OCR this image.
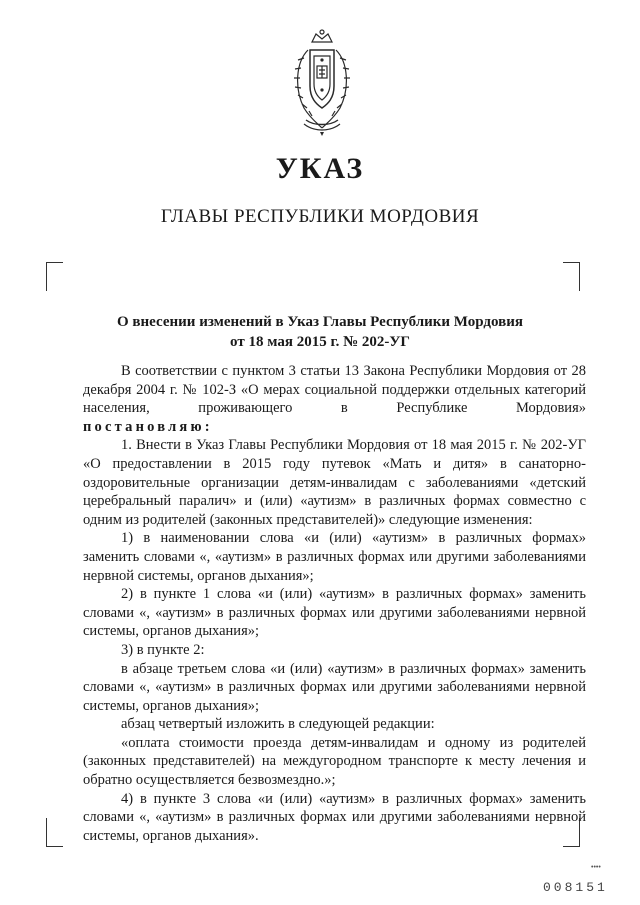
УКАЗ
ГЛАВЫ РЕСПУБЛИКИ МОРДОВИЯ
О внесении изменений в Указ Главы Республики Мордовия
от 18 мая 2015 г. № 202-УГ

В соответствии с пунктом 3 статьи 13 Закона Республики Мордовия от 28 декабря 2004 г. № 102-З «О мерах социальной поддержки отдельных категорий населения, проживающего в Республике Мордовия»

постановляю:

1. Внести в Указ Главы Республики Мордовия от 18 мая 2015 г. № 202-УГ «О предоставлении в 2015 году путевок «Мать и дитя» в санаторно-оздоровительные организации детям-инвалидам с заболеваниями «детский церебральный паралич» и (или) «аутизм» в различных формах совместно с одним из родителей (законных представителей)» следующие изменения:

1) в наименовании слова «и (или) «аутизм» в различных формах» заменить словами «, «аутизм» в различных формах или другими заболеваниями нервной системы, органов дыхания»;

2) в пункте 1 слова «и (или) «аутизм» в различных формах» заменить словами «, «аутизм» в различных формах или другими заболеваниями нервной системы, органов дыхания»;

3) в пункте 2:

в абзаце третьем слова «и (или) «аутизм» в различных формах» заменить словами «, «аутизм» в различных формах или другими заболеваниями нервной системы, органов дыхания»;

абзац четвертый изложить в следующей редакции:

«оплата стоимости проезда детям-инвалидам и одному из родителей (законных представителей) на междугородном транспорте к месту лечения и обратно осуществляется безвозмездно.»;

4) в пункте 3 слова «и (или) «аутизм» в различных формах» заменить словами «, «аутизм» в различных формах или другими заболеваниями нервной системы, органов дыхания».

••••
008151
